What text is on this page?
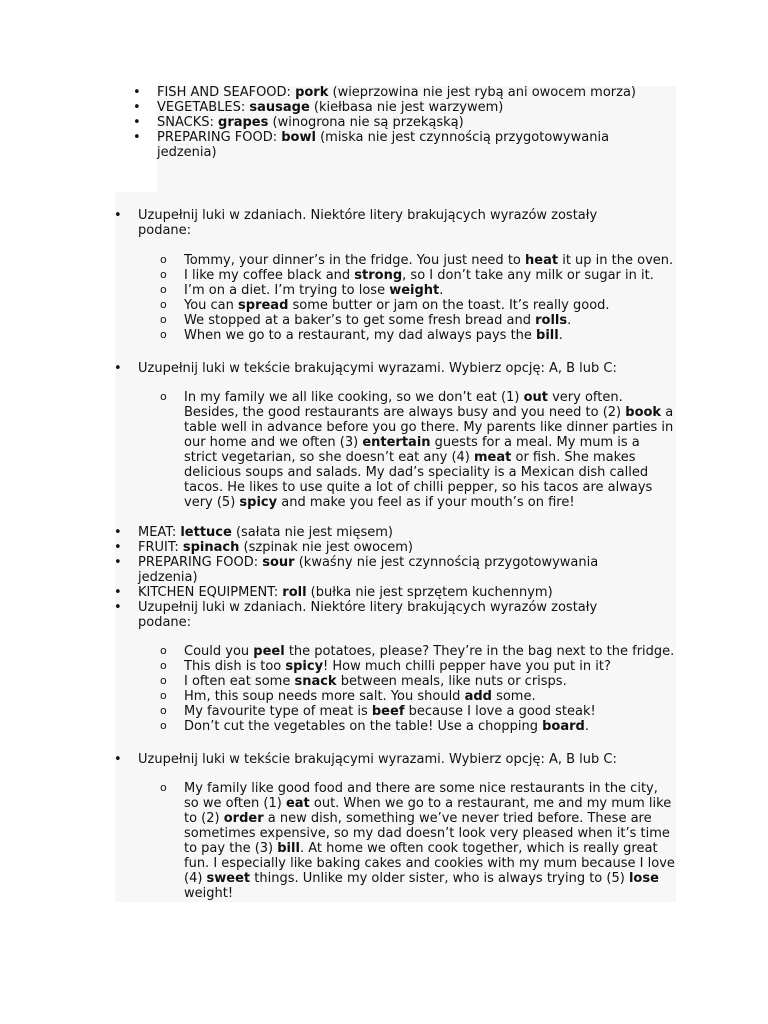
• FISH AND SEAFOOD: pork (wieprzowina nie jest rybą ani owocem morza)
• VEGETABLES: sausage (kiełbasa nie jest warzywem)
• SNACKS: grapes (winogrona nie są przekąską)
• PREPARING FOOD: bowl (miska nie jest czynnością przygotowywania jedzenia)
• Uzupełnij luki w zdaniach. Niektóre litery brakujących wyrazów zostały podane:
o Tommy, your dinner’s in the fridge. You just need to heat it up in the oven.
o I like my coffee black and strong, so I don’t take any milk or sugar in it.
o I’m on a diet. I’m trying to lose weight.
o You can spread some butter or jam on the toast. It’s really good.
o We stopped at a baker’s to get some fresh bread and rolls.
o When we go to a restaurant, my dad always pays the bill.
• Uzupełnij luki w tekście brakującymi wyrazami. Wybierz opcję: A, B lub C:
o In my family we all like cooking, so we don’t eat (1) out very often. Besides, the good restaurants are always busy and you need to (2) book a table well in advance before you go there. My parents like dinner parties in our home and we often (3) entertain guests for a meal. My mum is a strict vegetarian, so she doesn’t eat any (4) meat or fish. She makes delicious soups and salads. My dad’s speciality is a Mexican dish called tacos. He likes to use quite a lot of chilli pepper, so his tacos are always very (5) spicy and make you feel as if your mouth’s on fire!
• MEAT: lettuce (sałata nie jest mięsem)
• FRUIT: spinach (szpinak nie jest owocem)
• PREPARING FOOD: sour (kwaśny nie jest czynnością przygotowywania jedzenia)
• KITCHEN EQUIPMENT: roll (bułka nie jest sprzętem kuchennym)
• Uzupełnij luki w zdaniach. Niektóre litery brakujących wyrazów zostały podane:
o Could you peel the potatoes, please? They’re in the bag next to the fridge.
o This dish is too spicy! How much chilli pepper have you put in it?
o I often eat some snack between meals, like nuts or crisps.
o Hm, this soup needs more salt. You should add some.
o My favourite type of meat is beef because I love a good steak!
o Don’t cut the vegetables on the table! Use a chopping board.
• Uzupełnij luki w tekście brakującymi wyrazami. Wybierz opcję: A, B lub C:
o My family like good food and there are some nice restaurants in the city, so we often (1) eat out. When we go to a restaurant, me and my mum like to (2) order a new dish, something we’ve never tried before. These are sometimes expensive, so my dad doesn’t look very pleased when it’s time to pay the (3) bill. At home we often cook together, which is really great fun. I especially like baking cakes and cookies with my mum because I love (4) sweet things. Unlike my older sister, who is always trying to (5) lose weight!
